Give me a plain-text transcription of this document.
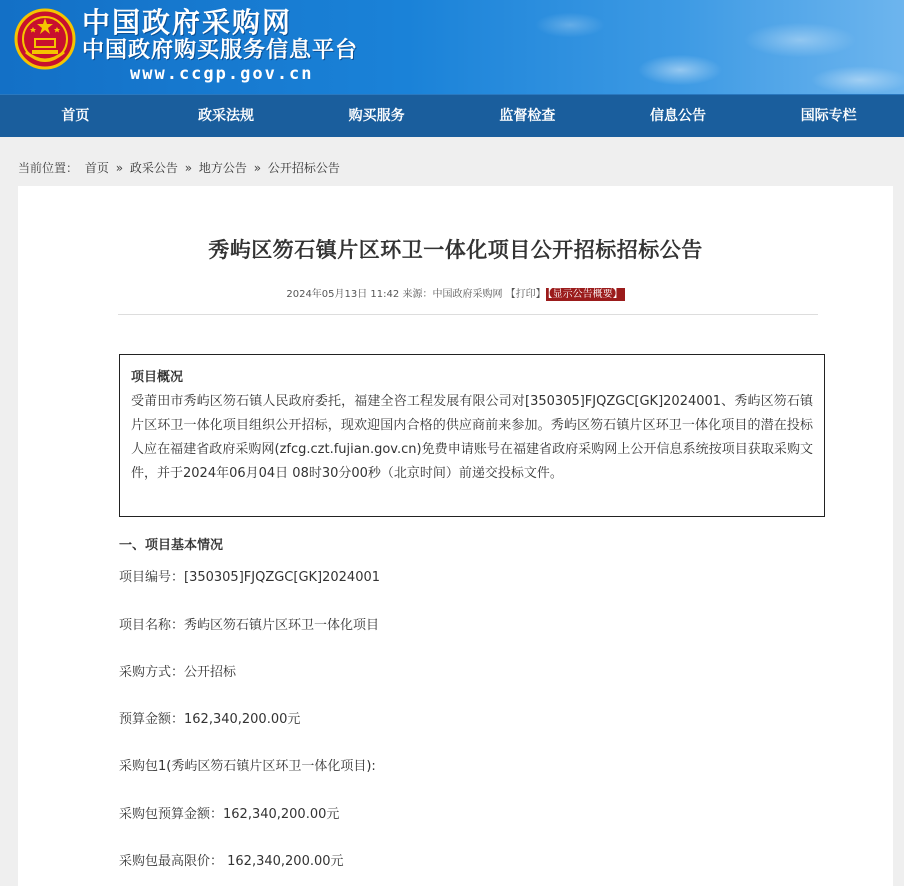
中国政府采购网
中国政府购买服务信息平台
www.ccgp.gov.cn
首页	政采法规	购买服务	监督检查	信息公告	国际专栏
当前位置： 首页 » 政采公告 » 地方公告 » 公开招标公告
秀屿区笏石镇片区环卫一体化项目公开招标招标公告
2024年05月13日 11:42 来源：中国政府采购网 【打印】 【显示公告概要】
项目概况
受莆田市秀屿区笏石镇人民政府委托，福建全咨工程发展有限公司对[350305]FJQZGC[GK]2024001、秀屿区笏石镇片区环卫一体化项目组织公开招标，现欢迎国内合格的供应商前来参加。秀屿区笏石镇片区环卫一体化项目的潜在投标人应在福建省政府采购网(zfcg.czt.fujian.gov.cn)免费申请账号在福建省政府采购网上公开信息系统按项目获取采购文件，并于2024年06月04日 08时30分00秒（北京时间）前递交投标文件。
一、项目基本情况
项目编号：[350305]FJQZGC[GK]2024001
项目名称：秀屿区笏石镇片区环卫一体化项目
采购方式：公开招标
预算金额：162,340,200.00元
采购包1(秀屿区笏石镇片区环卫一体化项目):
采购包预算金额：162,340,200.00元
采购包最高限价： 162,340,200.00元
